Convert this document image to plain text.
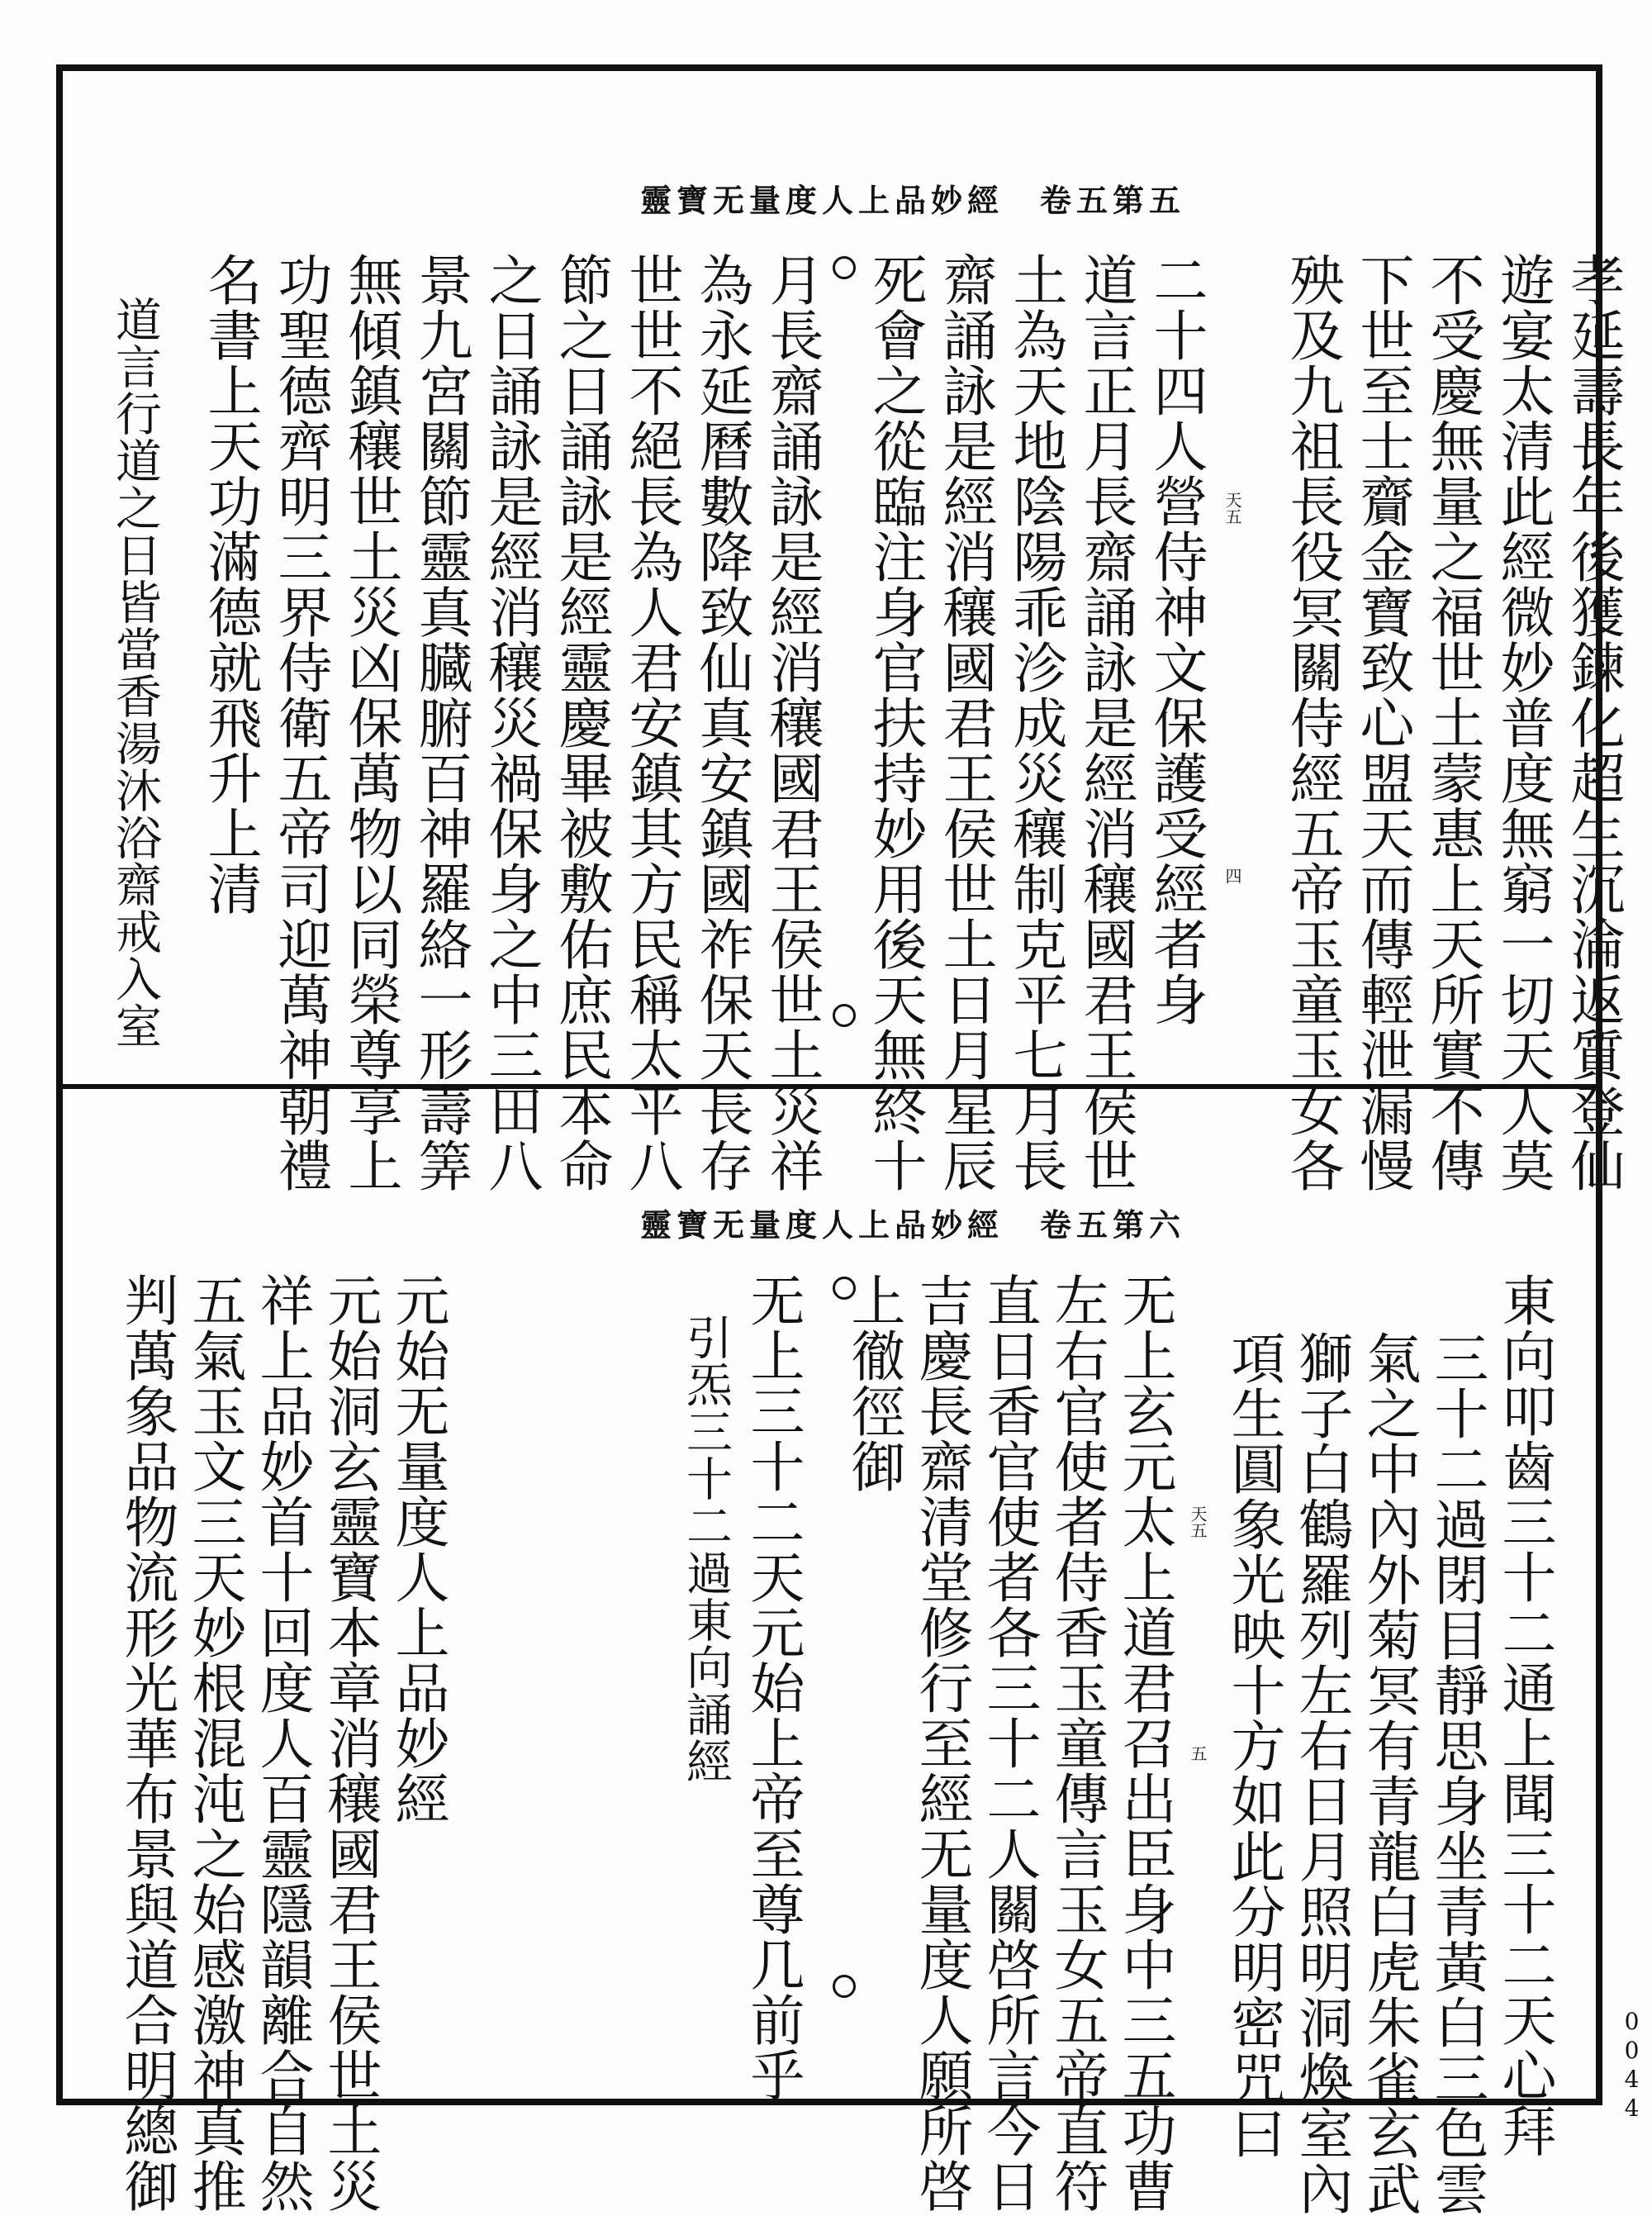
靈寶无量度人上品妙經　卷五第五
孝延壽長年後獲鍊化超生沉淪返質登仙
遊宴太清此經微妙普度無窮一切天人莫
不受慶無量之福世土蒙惠上天所實不傳
下世至士齎金寶致心盟天而傳輕泄漏慢
殃及九祖長役冥關侍經五帝玉童玉女各
二十四人營侍神文保護受經者身
道言正月長齋誦詠是經消穰國君王侯世
土為天地陰陽乖沴成災穰制克平七月長
齋誦詠是經消穰國君王侯世土日月星辰
死會之從臨注身官扶持妙用後天無終十
月長齋誦詠是經消穰國君王侯世土災祥
為永延曆數降致仙真安鎮國祚保天長存
世世不絕長為人君安鎮其方民稱太平八
節之日誦詠是經靈慶畢被敷佑庶民本命
之日誦詠是經消穰災禍保身之中三田八
景九宮關節靈真臓腑百神羅絡一形壽筭
無傾鎮穰世土災凶保萬物以同榮尊享上
功聖德齊明三界侍衛五帝司迎萬神朝禮
名書上天功滿德就飛升上清
道言行道之日皆當香湯沐浴齋戒入室	天五
四
靈寶无量度人上品妙經　卷五第六
東向叩齒三十二通上聞三十二天心拜
三十二過閉目靜思身坐青黃白三色雲
氣之中內外菊冥有青龍白虎朱雀玄武
獅子白鶴羅列左右日月照明洞煥室內
項生圓象光映十方如此分明密咒曰
无上玄元太上道君召出臣身中三五功曹
左右官使者侍香玉童傳言玉女五帝直符
直日香官使者各三十二人關啓所言今日
吉慶長齋清堂修行至經无量度人願所啓
上徹徑御
无上三十二天元始上帝至尊几前乎
引炁三十二過東向誦經
元始无量度人上品妙經
元始洞玄靈寶本章消穰國君王侯世土災
祥上品妙首十回度人百靈隱韻離合自然
五氣玉文三天妙根混沌之始感激神真推
判萬象品物流形光華布景與道合明總御	天五
五
0044
